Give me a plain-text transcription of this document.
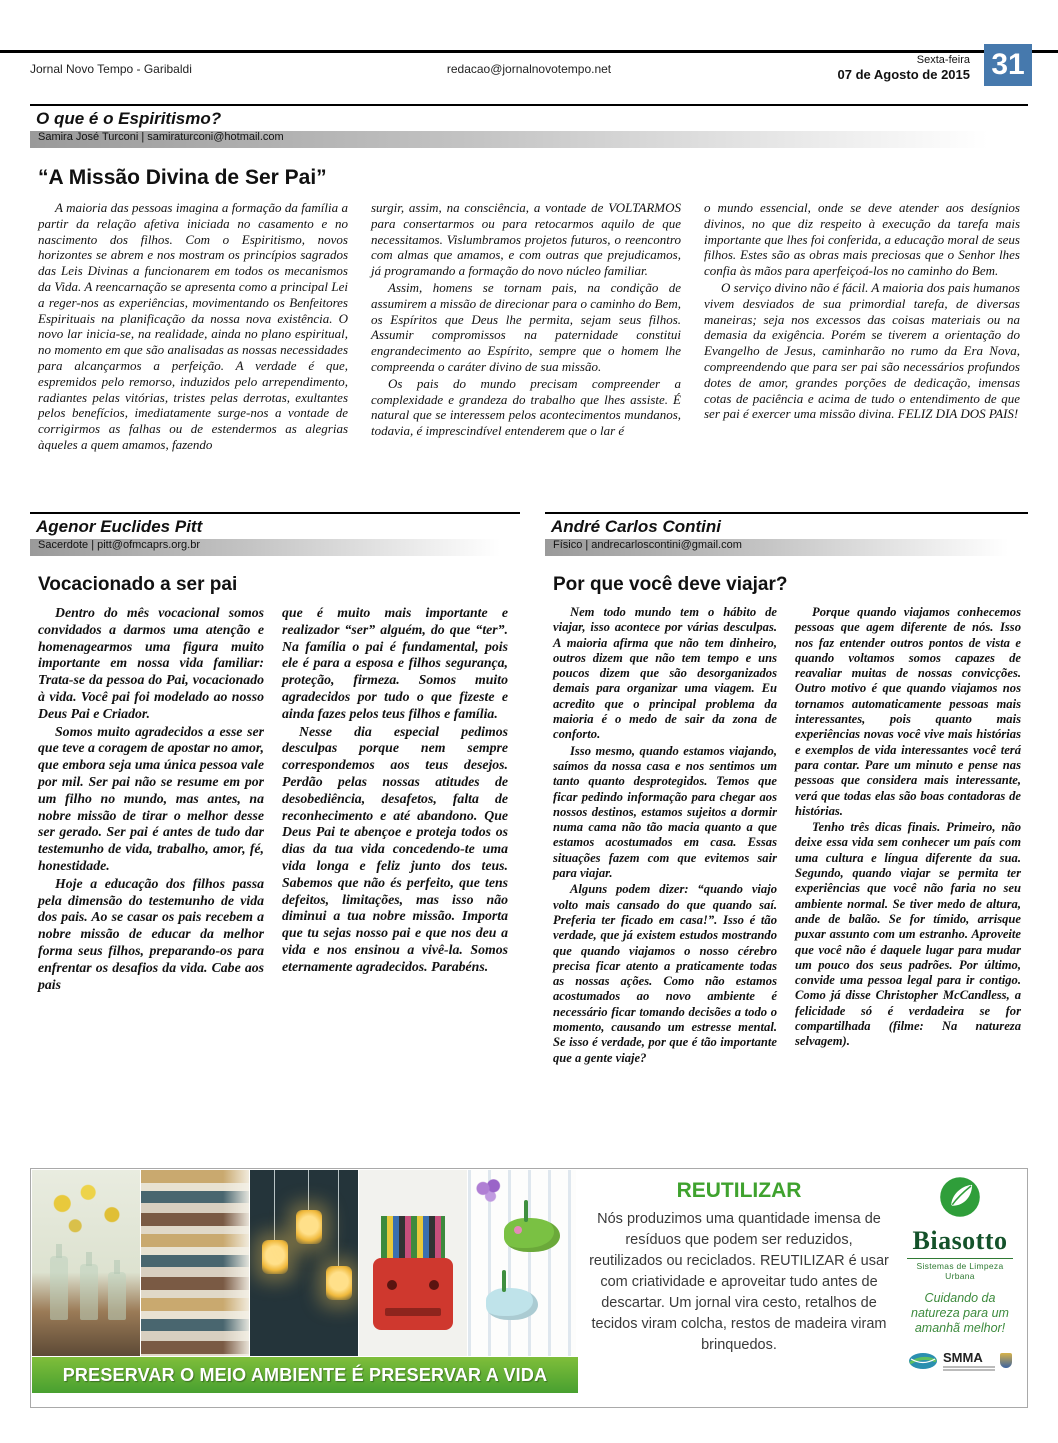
Jornal Novo Tempo - Garibaldi	redacao@jornalnovotempo.net
Sexta-feira
07 de Agosto de 2015 31
O que é o Espiritismo?
Samira José Turconi | samiraturconi@hotmail.com
“A Missão Divina de Ser Pai”

A maioria das pessoas imagina a formação da família a partir da relação afetiva iniciada no casamento e no nascimento dos filhos. Com o Espiritismo, novos horizontes se abrem e nos mostram os princípios sagrados das Leis Divinas a funcionarem em todos os mecanismos da Vida. A reencarnação se apresenta como a principal Lei a reger-nos as experiências, movimentando os Benfeitores Espirituais na planificação da nossa nova existência. O novo lar inicia-se, na realidade, ainda no plano espiritual, no momento em que são analisadas as nossas necessidades para alcançarmos a perfeição. A verdade é que, espremidos pelo remorso, induzidos pelo arrependimento, radiantes pelas vitórias, tristes pelas derrotas, exultantes pelos benefícios, imediatamente surge-nos a vontade de corrigirmos as falhas ou de estendermos as alegrias àqueles a quem amamos, fazendo

surgir, assim, na consciência, a vontade de VOLTARMOS para consertarmos ou para retocarmos aquilo de que necessitamos. Vislumbramos projetos futuros, o reencontro com almas que amamos, e com outras que prejudicamos, já programando a formação do novo núcleo familiar.

Assim, homens se tornam pais, na condição de assumirem a missão de direcionar para o caminho do Bem, os Espíritos que Deus lhe permita, sejam seus filhos. Assumir compromissos na paternidade constitui engrandecimento ao Espírito, sempre que o homem lhe compreenda o caráter divino de sua missão.

Os pais do mundo precisam compreender a complexidade e grandeza do trabalho que lhes assiste. É natural que se interessem pelos acontecimentos mundanos, todavia, é imprescindível entenderem que o lar é

o mundo essencial, onde se deve atender aos desígnios divinos, no que diz respeito à execução da tarefa mais importante que lhes foi conferida, a educação moral de seus filhos. Estes são as obras mais preciosas que o Senhor lhes confia às mãos para aperfeiçoá-los no caminho do Bem.

O serviço divino não é fácil. A maioria dos pais humanos vivem desviados de sua primordial tarefa, de diversas maneiras; seja nos excessos das coisas materiais ou na demasia da exigência. Porém se tiverem a orientação do Evangelho de Jesus, caminharão no rumo da Era Nova, compreendendo que para ser pai são necessários profundos dotes de amor, grandes porções de dedicação, imensas cotas de paciência e acima de tudo o entendimento de que ser pai é exercer uma missão divina. FELIZ DIA DOS PAIS!

Agenor Euclides Pitt
Sacerdote | pitt@ofmcaprs.org.br
André Carlos Contini
Físico | andrecarloscontini@gmail.com
Vocacionado a ser pai	Por que você deve viajar?

Dentro do mês vocacional somos convidados a darmos uma atenção e homenagearmos uma figura muito importante em nossa vida familiar: Trata-se da pessoa do Pai, vocacionado à vida. Você pai foi modelado ao nosso Deus Pai e Criador.

Somos muito agradecidos a esse ser que teve a coragem de apostar no amor, que embora seja uma única pessoa vale por mil. Ser pai não se resume em por um filho no mundo, mas antes, na nobre missão de tirar o melhor desse ser gerado. Ser pai é antes de tudo dar testemunho de vida, trabalho, amor, fé, honestidade.

Hoje a educação dos filhos passa pela dimensão do testemunho de vida dos pais. Ao se casar os pais recebem a nobre missão de educar da melhor forma seus filhos, preparando-os para enfrentar os desafios da vida. Cabe aos pais

que é muito mais importante e realizador “ser” alguém, do que “ter”. Na família o pai é fundamental, pois ele é para a esposa e filhos segurança, proteção, firmeza. Somos muito agradecidos por tudo o que fizeste e ainda fazes pelos teus filhos e família.

Nesse dia especial pedimos desculpas porque nem sempre correspondemos aos teus desejos. Perdão pelas nossas atitudes de desobediência, desafetos, falta de reconhecimento e até abandono. Que Deus Pai te abençoe e proteja todos os dias da tua vida concedendo-te uma vida longa e feliz junto dos teus. Sabemos que não és perfeito, que tens defeitos, limitações, mas isso não diminui a tua nobre missão. Importa que tu sejas nosso pai e que nos deu a vida e nos ensinou a vivê-la. Somos eternamente agradecidos. Parabéns.

Nem todo mundo tem o hábito de viajar, isso acontece por várias desculpas. A maioria afirma que não tem dinheiro, outros dizem que não tem tempo e uns poucos dizem que são desorganizados demais para organizar uma viagem. Eu acredito que o principal problema da maioria é o medo de sair da zona de conforto.

Isso mesmo, quando estamos viajando, saímos da nossa casa e nos sentimos um tanto quanto desprotegidos. Temos que ficar pedindo informação para chegar aos nossos destinos, estamos sujeitos a dormir numa cama não tão macia quanto a que estamos acostumados em casa. Essas situações fazem com que evitemos sair para viajar.

Alguns podem dizer: “quando viajo volto mais cansado do que quando saí. Preferia ter ficado em casa!”. Isso é tão verdade, que já existem estudos mostrando que quando viajamos o nosso cérebro precisa ficar atento a praticamente todas as nossas ações. Como não estamos acostumados ao novo ambiente é necessário ficar tomando decisões a todo o momento, causando um estresse mental. Se isso é verdade, por que é tão importante que a gente viaje?

Porque quando viajamos conhecemos pessoas que agem diferente de nós. Isso nos faz entender outros pontos de vista e quando voltamos somos capazes de reavaliar muitas de nossas convicções. Outro motivo é que quando viajamos nos tornamos automaticamente pessoas mais interessantes, pois quanto mais experiências novas você vive mais histórias e exemplos de vida interessantes você terá para contar. Pare um minuto e pense nas pessoas que considera mais interessante, verá que todas elas são boas contadoras de histórias.

Tenho três dicas finais. Primeiro, não deixe essa vida sem conhecer um país com uma cultura e língua diferente da sua. Segundo, quando viajar se permita ter experiências que você não faria no seu ambiente normal. Se tiver medo de altura, ande de balão. Se for tímido, arrisque puxar assunto com um estranho. Aproveite que você não é daquele lugar para mudar um pouco dos seus padrões. Por último, convide uma pessoa legal para ir contigo. Como já disse Christopher McCandless, a felicidade só é verdadeira se for compartilhada (filme: Na natureza selvagem).

PRESERVAR O MEIO AMBIENTE É PRESERVAR A VIDA
REUTILIZAR
Nós produzimos uma quantidade imensa de resíduos que podem ser reduzidos, reutilizados ou reciclados. REUTILIZAR é usar com criatividade e aproveitar tudo antes de descartar. Um jornal vira cesto, retalhos de tecidos viram colcha, restos de madeira viram brinquedos.
Biasotto
Sistemas de Limpeza Urbana
Cuidando da natureza para um amanhã melhor!
SMMA
